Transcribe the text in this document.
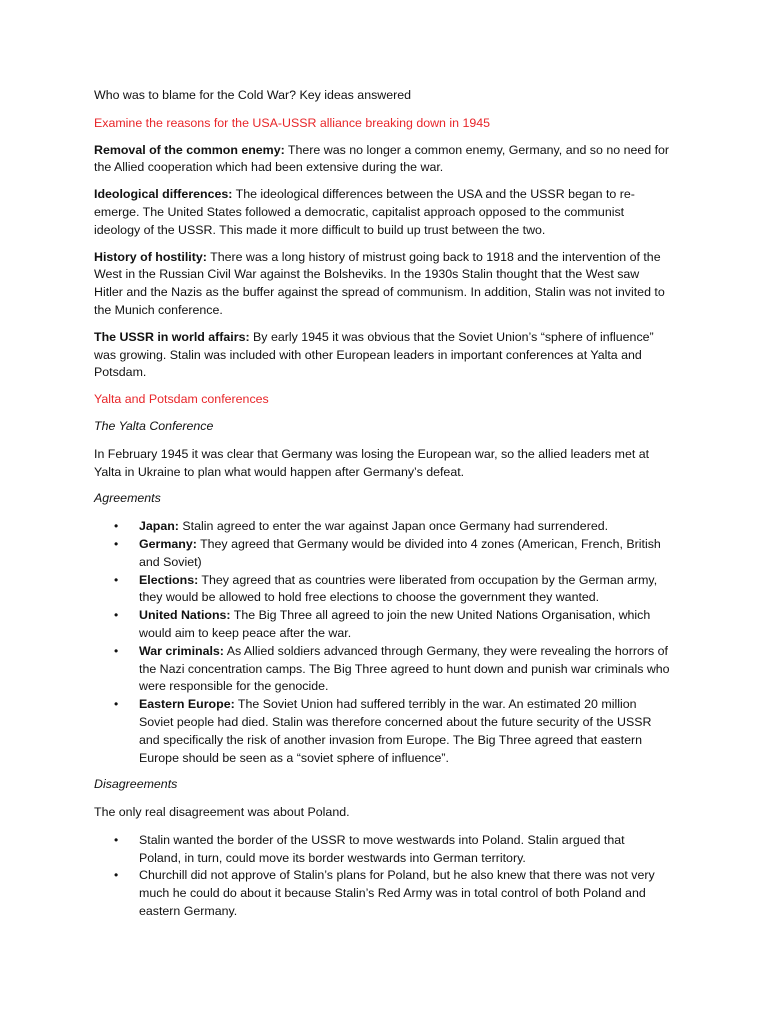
Who was to blame for the Cold War? Key ideas answered

Examine the reasons for the USA-USSR alliance breaking down in 1945

Removal of the common enemy: There was no longer a common enemy, Germany, and so no need for the Allied cooperation which had been extensive during the war.

Ideological differences: The ideological differences between the USA and the USSR began to re-emerge. The United States followed a democratic, capitalist approach opposed to the communist ideology of the USSR. This made it more difficult to build up trust between the two.

History of hostility: There was a long history of mistrust going back to 1918 and the intervention of the West in the Russian Civil War against the Bolsheviks. In the 1930s Stalin thought that the West saw Hitler and the Nazis as the buffer against the spread of communism. In addition, Stalin was not invited to the Munich conference.

The USSR in world affairs: By early 1945 it was obvious that the Soviet Union’s “sphere of influence” was growing. Stalin was included with other European leaders in important conferences at Yalta and Potsdam.

Yalta and Potsdam conferences

The Yalta Conference

In February 1945 it was clear that Germany was losing the European war, so the allied leaders met at Yalta in Ukraine to plan what would happen after Germany’s defeat.

Agreements

• Japan: Stalin agreed to enter the war against Japan once Germany had surrendered.
• Germany: They agreed that Germany would be divided into 4 zones (American, French, British and Soviet)
• Elections: They agreed that as countries were liberated from occupation by the German army, they would be allowed to hold free elections to choose the government they wanted.
• United Nations: The Big Three all agreed to join the new United Nations Organisation, which would aim to keep peace after the war.
• War criminals: As Allied soldiers advanced through Germany, they were revealing the horrors of the Nazi concentration camps. The Big Three agreed to hunt down and punish war criminals who were responsible for the genocide.
• Eastern Europe: The Soviet Union had suffered terribly in the war. An estimated 20 million Soviet people had died. Stalin was therefore concerned about the future security of the USSR and specifically the risk of another invasion from Europe. The Big Three agreed that eastern Europe should be seen as a “soviet sphere of influence”.

Disagreements

The only real disagreement was about Poland.

• Stalin wanted the border of the USSR to move westwards into Poland. Stalin argued that Poland, in turn, could move its border westwards into German territory.
• Churchill did not approve of Stalin’s plans for Poland, but he also knew that there was not very much he could do about it because Stalin’s Red Army was in total control of both Poland and eastern Germany.
